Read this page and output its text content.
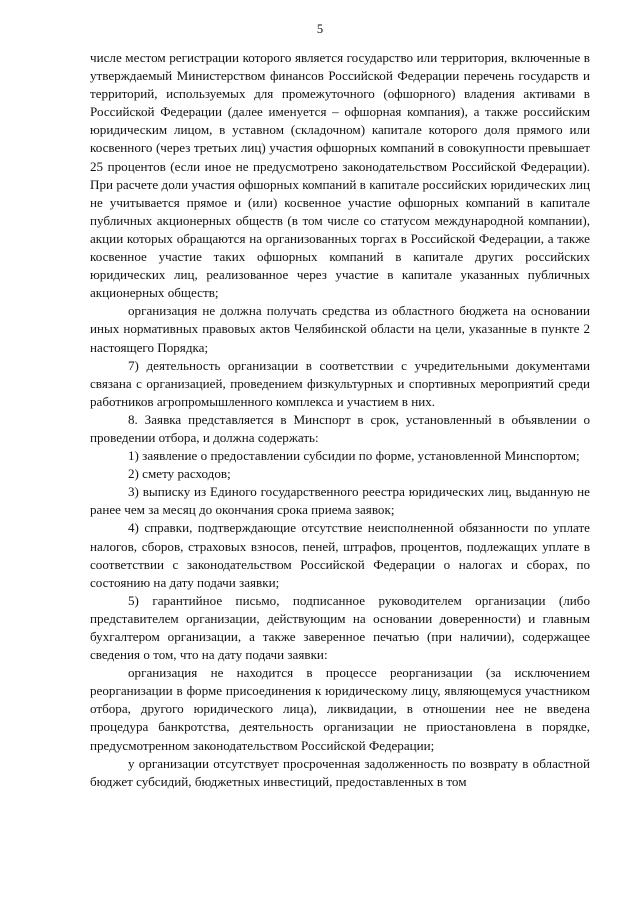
5

числе местом регистрации которого является государство или территория, включенные в утверждаемый Министерством финансов Российской Федерации перечень государств и территорий, используемых для промежуточного (офшорного) владения активами в Российской Федерации (далее именуется – офшорная компания), а также российским юридическим лицом, в уставном (складочном) капитале которого доля прямого или косвенного (через третьих лиц) участия офшорных компаний в совокупности превышает 25 процентов (если иное не предусмотрено законодательством Российской Федерации). При расчете доли участия офшорных компаний в капитале российских юридических лиц не учитывается прямое и (или) косвенное участие офшорных компаний в капитале публичных акционерных обществ (в том числе со статусом международной компании), акции которых обращаются на организованных торгах в Российской Федерации, а также косвенное участие таких офшорных компаний в капитале других российских юридических лиц, реализованное через участие в капитале указанных публичных акционерных обществ;

организация не должна получать средства из областного бюджета на основании иных нормативных правовых актов Челябинской области на цели, указанные в пункте 2 настоящего Порядка;

7) деятельность организации в соответствии с учредительными документами связана с организацией, проведением физкультурных и спортивных мероприятий среди работников агропромышленного комплекса и участием в них.

8. Заявка представляется в Минспорт в срок, установленный в объявлении о проведении отбора, и должна содержать:

1) заявление о предоставлении субсидии по форме, установленной Минспортом;

2) смету расходов;

3) выписку из Единого государственного реестра юридических лиц, выданную не ранее чем за месяц до окончания срока приема заявок;

4) справки, подтверждающие отсутствие неисполненной обязанности по уплате налогов, сборов, страховых взносов, пеней, штрафов, процентов, подлежащих уплате в соответствии с законодательством Российской Федерации о налогах и сборах, по состоянию на дату подачи заявки;

5) гарантийное письмо, подписанное руководителем организации (либо представителем организации, действующим на основании доверенности) и главным бухгалтером организации, а также заверенное печатью (при наличии), содержащее сведения о том, что на дату подачи заявки:

организация не находится в процессе реорганизации (за исключением реорганизации в форме присоединения к юридическому лицу, являющемуся участником отбора, другого юридического лица), ликвидации, в отношении нее не введена процедура банкротства, деятельность организации не приостановлена в порядке, предусмотренном законодательством Российской Федерации;

у организации отсутствует просроченная задолженность по возврату в областной бюджет субсидий, бюджетных инвестиций, предоставленных в том
